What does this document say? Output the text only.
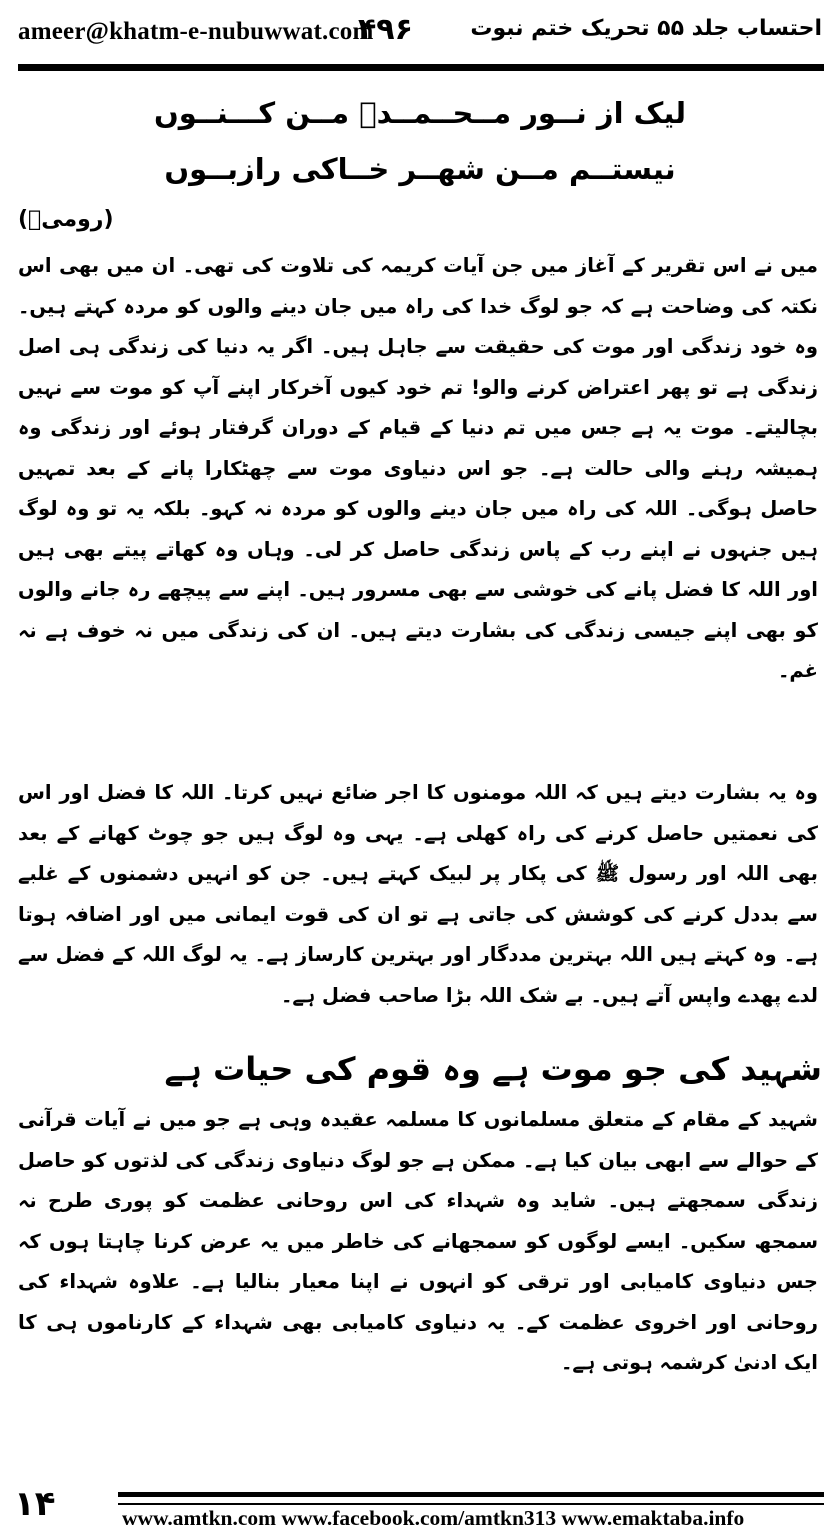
ameer@khatm-e-nubuwwat.com
۴۹۶	احتساب جلد ۵۵ تحریک ختم نبوت
لیک از نــور مــحــمــدؐ مــن کـــنــوں
نیستــم مــن شهــر خــاکی رازبــوں
(رومیؒ)

میں نے اس تقریر کے آغاز میں جن آیات کریمہ کی تلاوت کی تھی۔ ان میں بھی اس نکتہ کی وضاحت ہے کہ جو لوگ خدا کی راہ میں جان دینے والوں کو مردہ کہتے ہیں۔ وہ خود زندگی اور موت کی حقیقت سے جاہل ہیں۔ اگر یہ دنیا کی زندگی ہی اصل زندگی ہے تو پھر اعتراض کرنے والو! تم خود کیوں آخرکار اپنے آپ کو موت سے نہیں بچالیتے۔ موت یہ ہے جس میں تم دنیا کے قیام کے دوران گرفتار ہوئے اور زندگی وہ ہمیشہ رہنے والی حالت ہے۔ جو اس دنیاوی موت سے چھٹکارا پانے کے بعد تمہیں حاصل ہوگی۔ اللہ کی راہ میں جان دینے والوں کو مردہ نہ کہو۔ بلکہ یہ تو وہ لوگ ہیں جنہوں نے اپنے رب کے پاس زندگی حاصل کر لی۔ وہاں وہ کھاتے پیتے بھی ہیں اور اللہ کا فضل پانے کی خوشی سے بھی مسرور ہیں۔ اپنے سے پیچھے رہ جانے والوں کو بھی اپنے جیسی زندگی کی بشارت دیتے ہیں۔ ان کی زندگی میں نہ خوف ہے نہ غم۔

وہ یہ بشارت دیتے ہیں کہ اللہ مومنوں کا اجر ضائع نہیں کرتا۔ اللہ کا فضل اور اس کی نعمتیں حاصل کرنے کی راہ کھلی ہے۔ یہی وہ لوگ ہیں جو چوٹ کھانے کے بعد بھی اللہ اور رسول ﷺ کی پکار پر لبیک کہتے ہیں۔ جن کو انہیں دشمنوں کے غلبے سے بددل کرنے کی کوشش کی جاتی ہے تو ان کی قوت ایمانی میں اور اضافہ ہوتا ہے۔ وہ کہتے ہیں اللہ بہترین مددگار اور بہترین کارساز ہے۔ یہ لوگ اللہ کے فضل سے لدے پھدے واپس آتے ہیں۔ بے شک اللہ بڑا صاحب فضل ہے۔

شہید کی جو موت ہے وہ قوم کی حیات ہے

شہید کے مقام کے متعلق مسلمانوں کا مسلمہ عقیدہ وہی ہے جو میں نے آیات قرآنی کے حوالے سے ابھی بیان کیا ہے۔ ممکن ہے جو لوگ دنیاوی زندگی کی لذتوں کو حاصل زندگی سمجھتے ہیں۔ شاید وہ شہداء کی اس روحانی عظمت کو پوری طرح نہ سمجھ سکیں۔ ایسے لوگوں کو سمجھانے کی خاطر میں یہ عرض کرنا چاہتا ہوں کہ جس دنیاوی کامیابی اور ترقی کو انہوں نے اپنا معیار بنالیا ہے۔ علاوہ شہداء کی روحانی اور اخروی عظمت کے۔ یہ دنیاوی کامیابی بھی شہداء کے کارناموں ہی کا ایک ادنیٰ کرشمہ ہوتی ہے۔

۱۴	www.amtkn.com www.facebook.com/amtkn313 www.emaktaba.info
